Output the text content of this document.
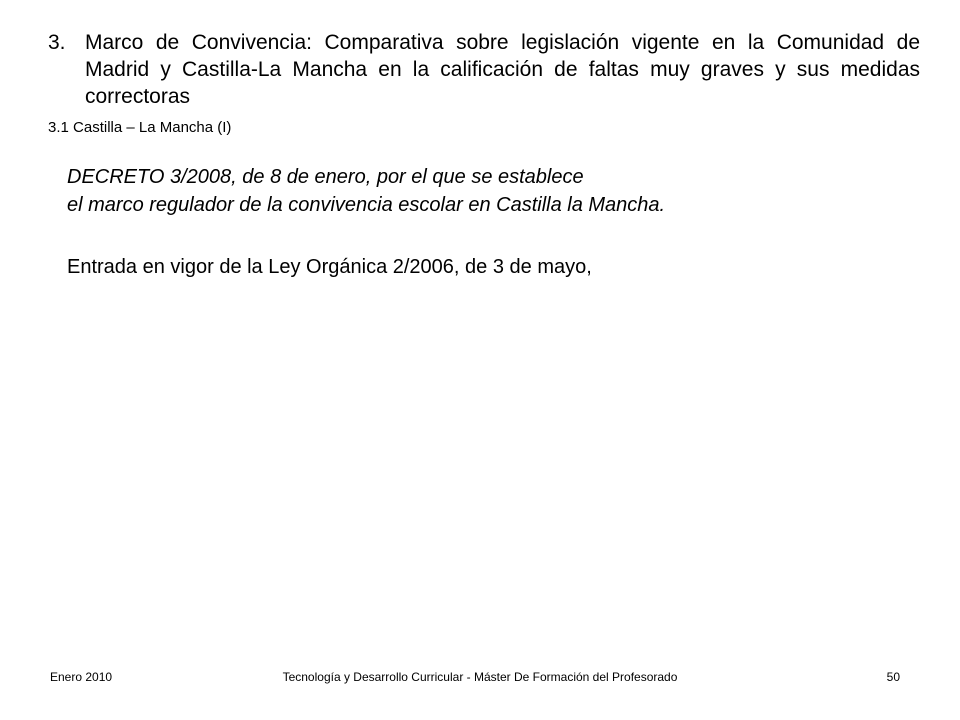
3. Marco de Convivencia: Comparativa sobre legislación vigente en la Comunidad de Madrid y Castilla-La Mancha en la calificación de faltas muy graves y sus medidas correctoras
3.1 Castilla – La Mancha (I)
DECRETO 3/2008, de 8 de enero, por el que se establece
el marco regulador de la convivencia escolar en Castilla la Mancha.
Entrada en vigor de la Ley Orgánica 2/2006, de 3 de mayo,
Enero 2010	Tecnología y Desarrollo Curricular - Máster De Formación del Profesorado	50
